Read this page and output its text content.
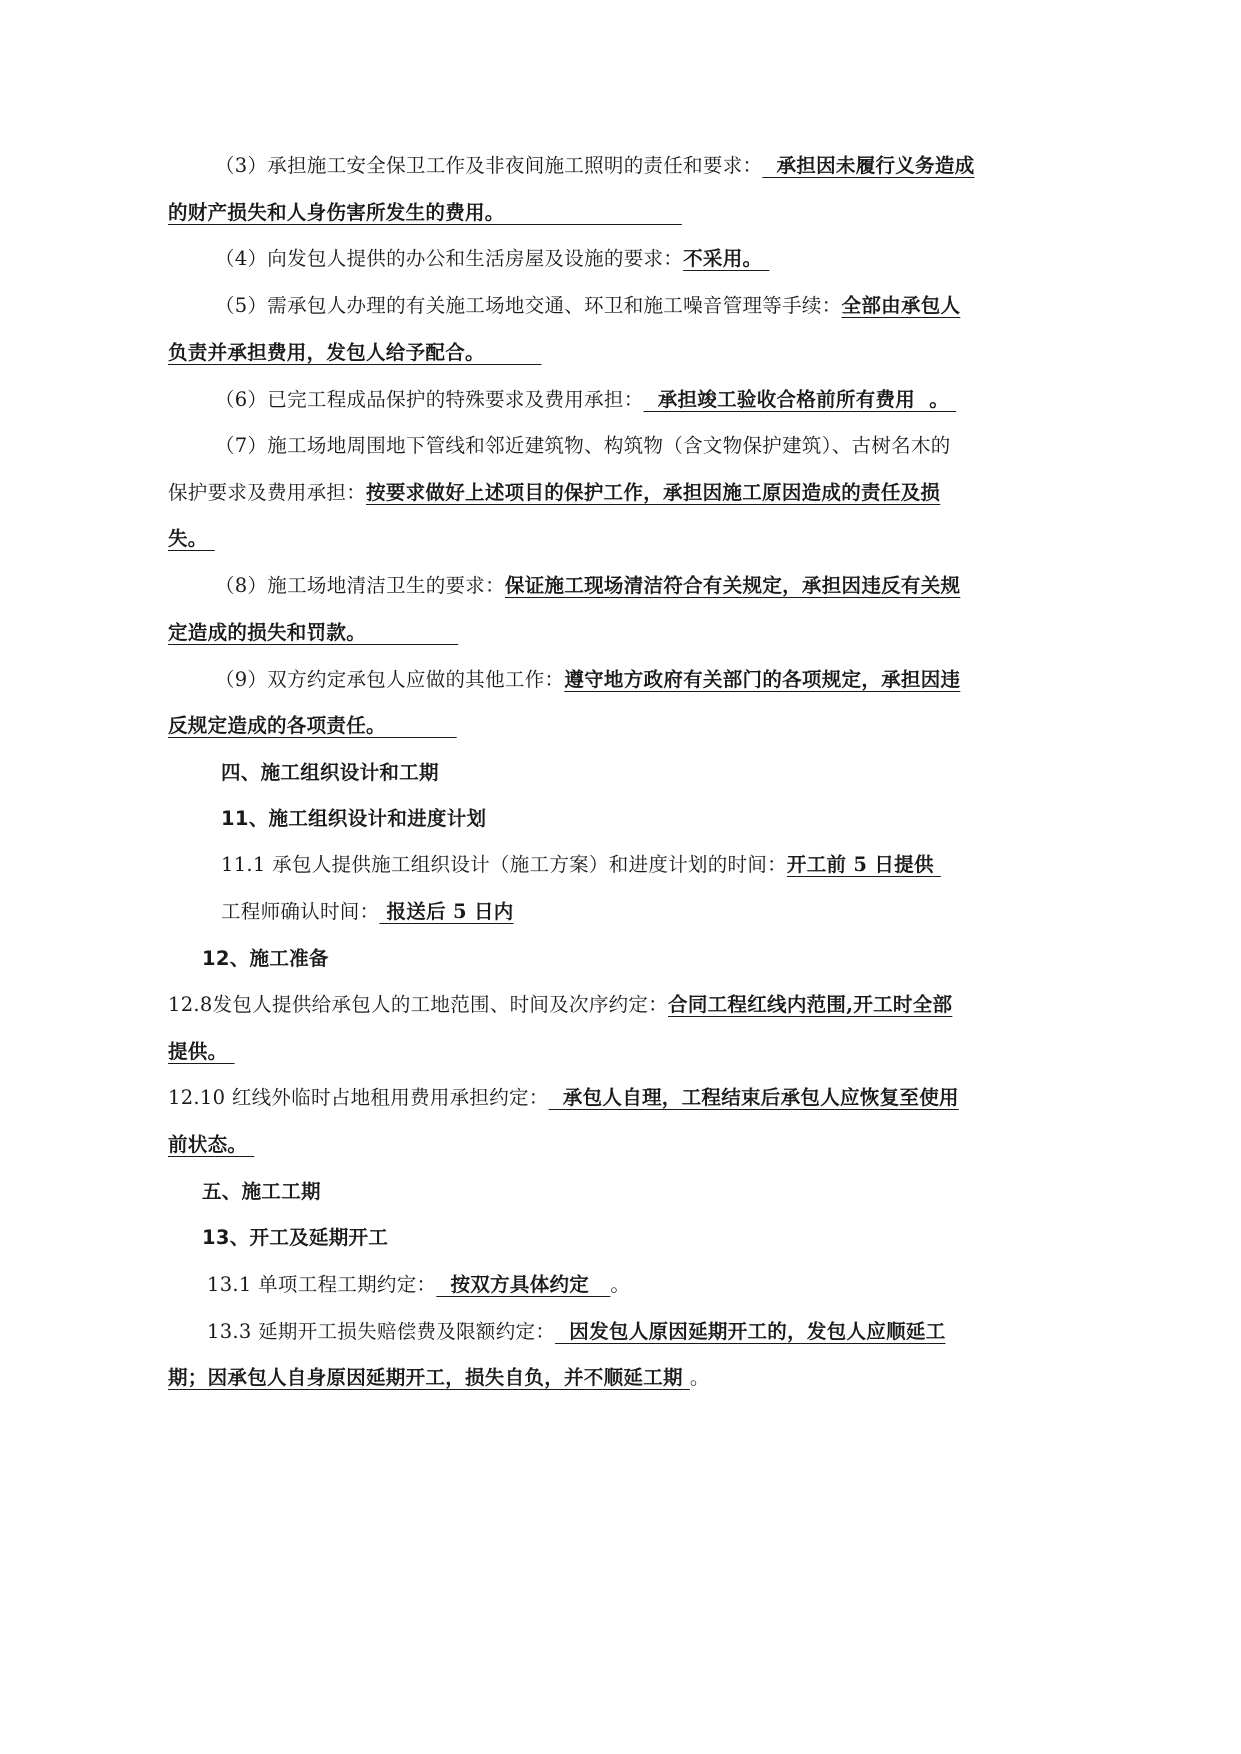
（3）承担施工安全保卫工作及非夜间施工照明的责任和要求：  承担因未履行义务造成
的财产损失和人身伤害所发生的费用。
（4）向发包人提供的办公和生活房屋及设施的要求：不采用。
（5）需承包人办理的有关施工场地交通、环卫和施工噪音管理等手续：全部由承包人
负责并承担费用，发包人给予配合。
（6）已完工程成品保护的特殊要求及费用承担：  承担竣工验收合格前所有费用  。
（7）施工场地周围地下管线和邻近建筑物、构筑物（含文物保护建筑）、古树名木的
保护要求及费用承担：按要求做好上述项目的保护工作，承担因施工原因造成的责任及损
失。
（8）施工场地清洁卫生的要求：保证施工现场清洁符合有关规定，承担因违反有关规
定造成的损失和罚款。
（9）双方约定承包人应做的其他工作：遵守地方政府有关部门的各项规定，承担因违
反规定造成的各项责任。
四、施工组织设计和工期
11、施工组织设计和进度计划
11.1 承包人提供施工组织设计（施工方案）和进度计划的时间：开工前 5 日提供
工程师确认时间： 报送后 5 日内
12、施工准备
12.8发包人提供给承包人的工地范围、时间及次序约定：合同工程红线内范围,开工时全部
提供。
12.10 红线外临时占地租用费用承担约定：  承包人自理，工程结束后承包人应恢复至使用
前状态。
五、施工工期
13、开工及延期开工
13.1 单项工程工期约定：  按双方具体约定   。
13.3 延期开工损失赔偿费及限额约定：  因发包人原因延期开工的，发包人应顺延工
期；因承包人自身原因延期开工，损失自负，并不顺延工期 。
